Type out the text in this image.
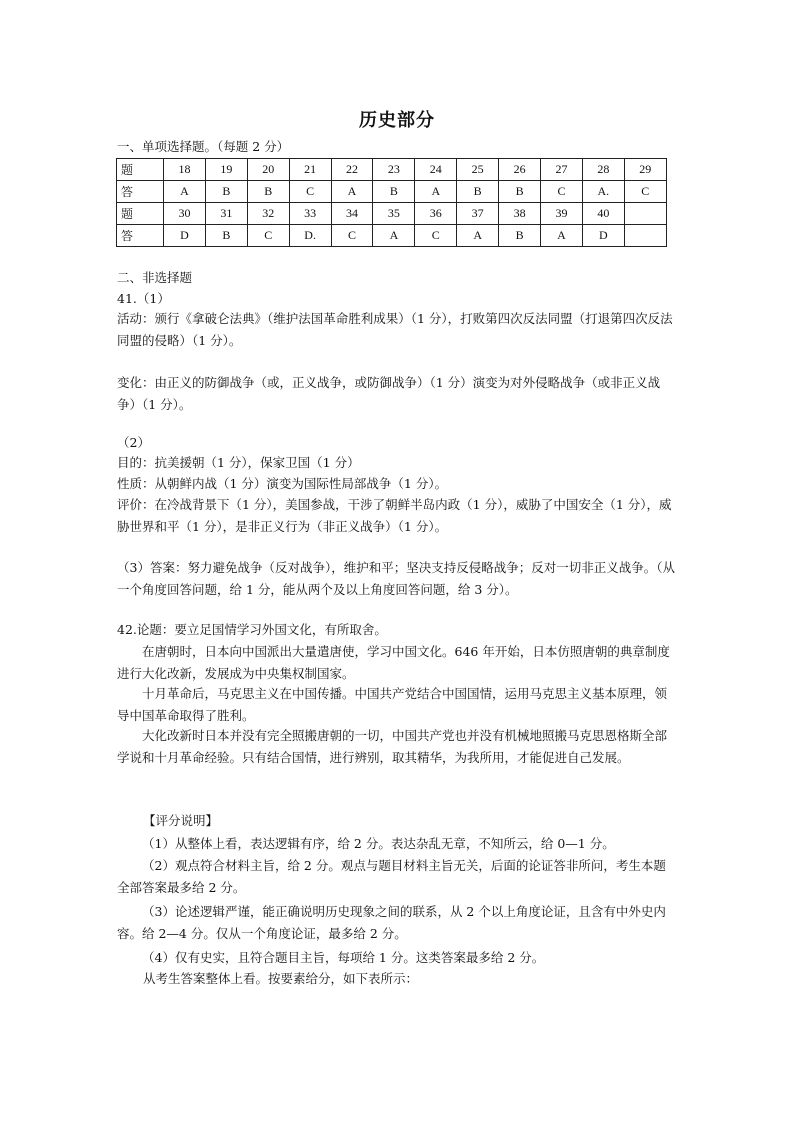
历史部分
一、单项选择题。（每题 2 分）
题	18	19	20	21	22	23	24	25	26	27	28	29
答	A	B	B	C	A	B	A	B	B	C	A.	C
题	30	31	32	33	34	35	36	37	38	39	40	
答	D	B	C	D.	C	A	C	A	B	A	D	
二、非选择题
41.（1）
活动：颁行《拿破仑法典》（维护法国革命胜利成果）（1 分），打败第四次反法同盟（打退第四次反法同盟的侵略）（1 分）。
变化：由正义的防御战争（或，正义战争，或防御战争）（1 分）演变为对外侵略战争（或非正义战争）（1 分）。
（2）
目的：抗美援朝（1 分），保家卫国（1 分）
性质：从朝鲜内战（1 分）演变为国际性局部战争（1 分）。
评价：在冷战背景下（1 分），美国参战，干涉了朝鲜半岛内政（1 分），威胁了中国安全（1 分），威胁世界和平（1 分），是非正义行为（非正义战争）（1 分）。
（3）答案：努力避免战争（反对战争），维护和平；坚决支持反侵略战争；反对一切非正义战争。（从一个角度回答问题，给 1 分，能从两个及以上角度回答问题，给 3 分）。
42.论题：要立足国情学习外国文化，有所取舍。
在唐朝时，日本向中国派出大量遣唐使，学习中国文化。646 年开始，日本仿照唐朝的典章制度进行大化改新，发展成为中央集权制国家。
十月革命后，马克思主义在中国传播。中国共产党结合中国国情，运用马克思主义基本原理，领导中国革命取得了胜利。
大化改新时日本并没有完全照搬唐朝的一切，中国共产党也并没有机械地照搬马克思恩格斯全部学说和十月革命经验。只有结合国情，进行辨别，取其精华，为我所用，才能促进自己发展。
【评分说明】
（1）从整体上看，表达逻辑有序，给 2 分。表达杂乱无章，不知所云，给 0—1 分。
（2）观点符合材料主旨，给 2 分。观点与题目材料主旨无关，后面的论证答非所问，考生本题全部答案最多给 2 分。
（3）论述逻辑严谨，能正确说明历史现象之间的联系，从 2 个以上角度论证，且含有中外史内容。给 2—4 分。仅从一个角度论证，最多给 2 分。
（4）仅有史实，且符合题目主旨，每项给 1 分。这类答案最多给 2 分。
从考生答案整体上看。按要素给分，如下表所示：
